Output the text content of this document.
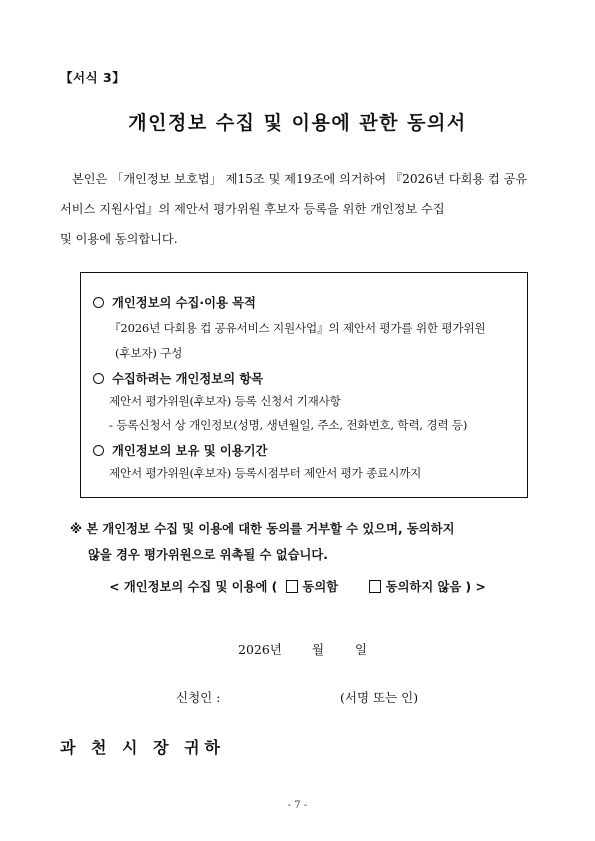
【서식 3】
개인정보 수집 및 이용에 관한 동의서
본인은 「개인정보 보호법」 제15조 및 제19조에 의거하여 『2026년 다회용 컵 공유
서비스 지원사업』의 제안서 평가위원 후보자 등록을 위한 개인정보 수집
및 이용에 동의합니다.
개인정보의 수집·이용 목적
『2026년 다회용 컵 공유서비스 지원사업』의 제안서 평가를 위한 평가위원
(후보자) 구성
수집하려는 개인정보의 항목
제안서 평가위원(후보자) 등록 신청서 기재사항
- 등록신청서 상 개인정보(성명, 생년월일, 주소, 전화번호, 학력, 경력 등)
개인정보의 보유 및 이용기간
제안서 평가위원(후보자) 등록시점부터 제안서 평가 종료시까지
※ 본 개인정보 수집 및 이용에 대한 동의를 거부할 수 있으며, 동의하지
않을 경우 평가위원으로 위촉될 수 없습니다.
< 개인정보의 수집 및 이용에 ( 동의함	동의하지 않음 ) >
2026년 월 일
신청인 :	(서명 또는 인)
과 천 시 장 귀하
- 7 -
